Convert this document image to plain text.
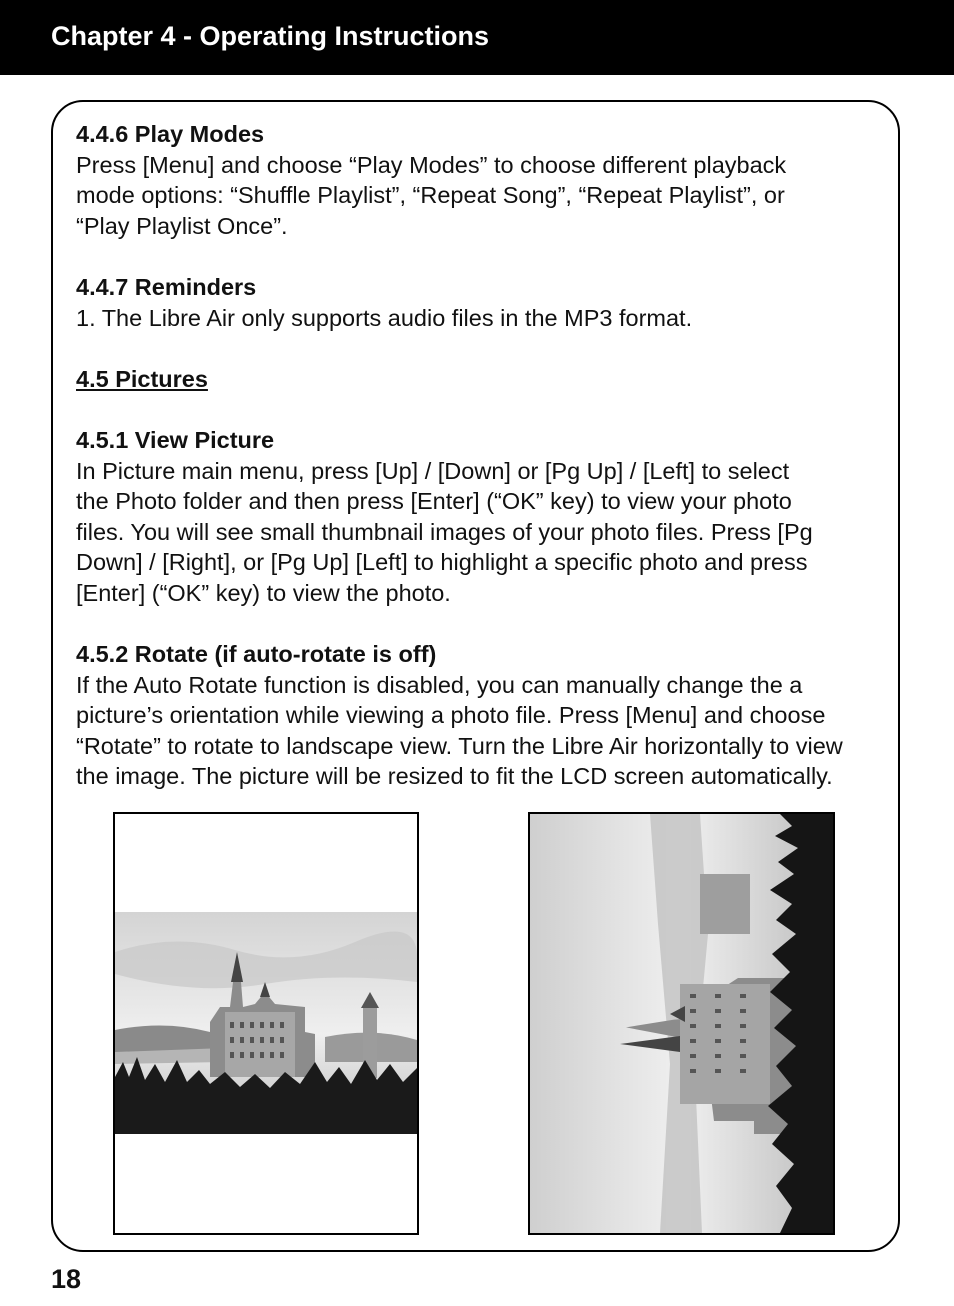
Chapter 4 - Operating Instructions

4.4.6 Play Modes

Press [Menu] and choose “Play Modes” to choose different playback

mode options: “Shuffle Playlist”, “Repeat Song”, “Repeat Playlist”, or

“Play Playlist Once”.

4.4.7 Reminders

1. The Libre Air only supports audio files in the MP3 format.

4.5 Pictures

4.5.1 View Picture

In Picture main menu, press [Up] / [Down] or [Pg Up] / [Left] to select

the Photo folder and then press [Enter] (“OK” key) to view your photo

files. You will see small thumbnail images of your photo files. Press [Pg

Down] / [Right], or [Pg Up] [Left] to highlight a specific photo and press

[Enter] (“OK” key) to view the photo.

4.5.2 Rotate (if auto-rotate is off)

If the Auto Rotate function is disabled, you can manually change the a

picture’s orientation while viewing a photo file. Press [Menu] and choose

“Rotate” to rotate to landscape view. Turn the Libre Air horizontally to view

the image. The picture will be resized to fit the LCD screen automatically.

18
